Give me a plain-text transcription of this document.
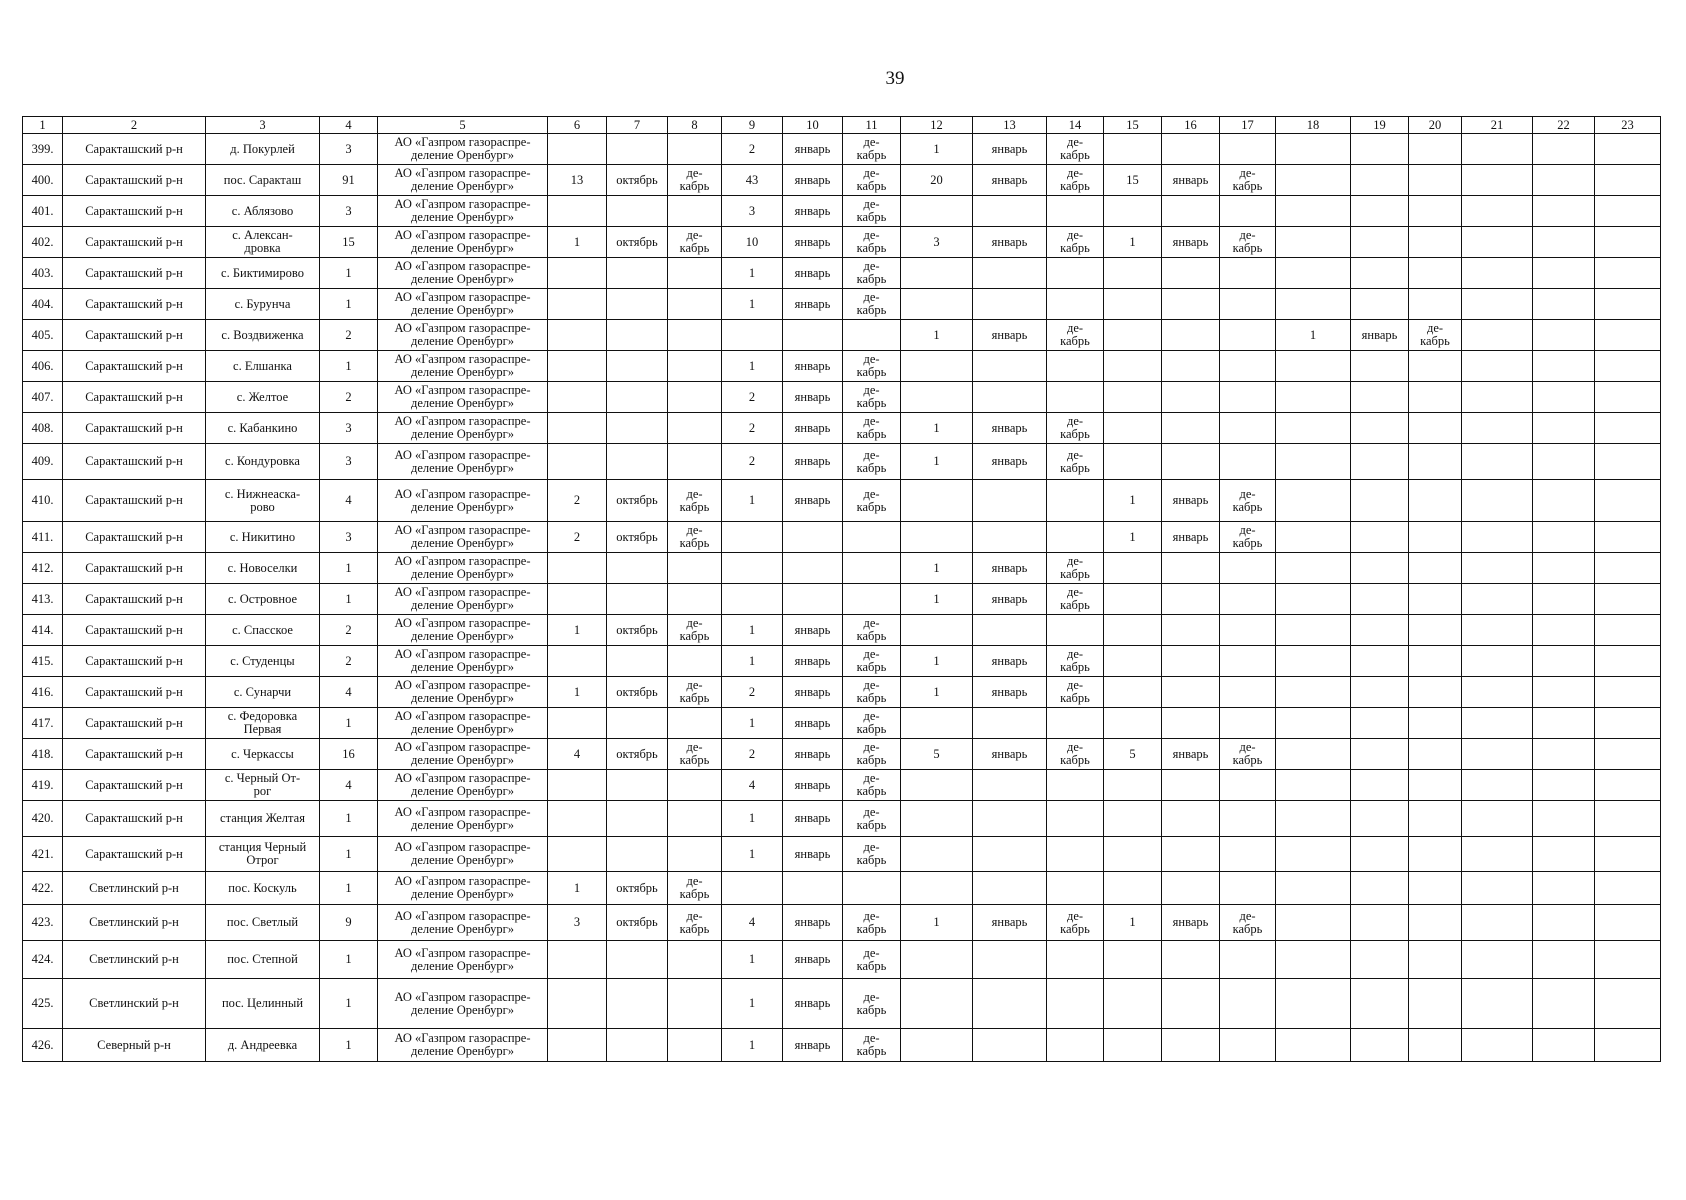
39
1	2	3	4	5	6	7	8	9	10	11	12	13	14	15	16	17	18	19	20	21	22	23
399.	Саракташский р-н	д. Покурлей	3	АО «Газпром газораспре-
деление Оренбург»				2	январь	де-
кабрь	1	январь	де-
кабрь									

400.	Саракташский р-н	пос. Саракташ	91	АО «Газпром газораспре-
деление Оренбург»	13	октябрь	де-
кабрь	43	январь	де-
кабрь	20	январь	де-
кабрь	15	январь	де-
кабрь						

401.	Саракташский р-н	с. Аблязово	3	АО «Газпром газораспре-
деление Оренбург»				3	январь	де-
кабрь												

402.	Саракташский р-н	с. Алексан-
дровка	15	АО «Газпром газораспре-
деление Оренбург»	1	октябрь	де-
кабрь	10	январь	де-
кабрь	3	январь	де-
кабрь	1	январь	де-
кабрь						

403.	Саракташский р-н	с. Биктимирово	1	АО «Газпром газораспре-
деление Оренбург»				1	январь	де-
кабрь												

404.	Саракташский р-н	с. Бурунча	1	АО «Газпром газораспре-
деление Оренбург»				1	январь	де-
кабрь												

405.	Саракташский р-н	с. Воздвиженка	2	АО «Газпром газораспре-
деление Оренбург»							1	январь	де-
кабрь				1	январь	де-
кабрь			

406.	Саракташский р-н	с. Елшанка	1	АО «Газпром газораспре-
деление Оренбург»				1	январь	де-
кабрь												

407.	Саракташский р-н	с. Желтое	2	АО «Газпром газораспре-
деление Оренбург»				2	январь	де-
кабрь												

408.	Саракташский р-н	с. Кабанкино	3	АО «Газпром газораспре-
деление Оренбург»				2	январь	де-
кабрь	1	январь	де-
кабрь									

409.	Саракташский р-н	с. Кондуровка	3	АО «Газпром газораспре-
деление Оренбург»				2	январь	де-
кабрь	1	январь	де-
кабрь									

410.	Саракташский р-н	с. Нижнеаска-
рово	4	АО «Газпром газораспре-
деление Оренбург»	2	октябрь	де-
кабрь	1	январь	де-
кабрь				1	январь	де-
кабрь						

411.	Саракташский р-н	с. Никитино	3	АО «Газпром газораспре-
деление Оренбург»	2	октябрь	де-
кабрь							1	январь	де-
кабрь						

412.	Саракташский р-н	с. Новоселки	1	АО «Газпром газораспре-
деление Оренбург»							1	январь	де-
кабрь									

413.	Саракташский р-н	с. Островное	1	АО «Газпром газораспре-
деление Оренбург»							1	январь	де-
кабрь									

414.	Саракташский р-н	с. Спасское	2	АО «Газпром газораспре-
деление Оренбург»	1	октябрь	де-
кабрь	1	январь	де-
кабрь												

415.	Саракташский р-н	с. Студенцы	2	АО «Газпром газораспре-
деление Оренбург»				1	январь	де-
кабрь	1	январь	де-
кабрь									

416.	Саракташский р-н	с. Сунарчи	4	АО «Газпром газораспре-
деление Оренбург»	1	октябрь	де-
кабрь	2	январь	де-
кабрь	1	январь	де-
кабрь									

417.	Саракташский р-н	с. Федоровка
Первая	1	АО «Газпром газораспре-
деление Оренбург»				1	январь	де-
кабрь												

418.	Саракташский р-н	с. Черкассы	16	АО «Газпром газораспре-
деление Оренбург»	4	октябрь	де-
кабрь	2	январь	де-
кабрь	5	январь	де-
кабрь	5	январь	де-
кабрь						

419.	Саракташский р-н	с. Черный От-
рог	4	АО «Газпром газораспре-
деление Оренбург»				4	январь	де-
кабрь												

420.	Саракташский р-н	станция Желтая	1	АО «Газпром газораспре-
деление Оренбург»				1	январь	де-
кабрь												

421.	Саракташский р-н	станция Черный
Отрог	1	АО «Газпром газораспре-
деление Оренбург»				1	январь	де-
кабрь												

422.	Светлинский р-н	пос. Коскуль	1	АО «Газпром газораспре-
деление Оренбург»	1	октябрь	де-
кабрь															

423.	Светлинский р-н	пос. Светлый	9	АО «Газпром газораспре-
деление Оренбург»	3	октябрь	де-
кабрь	4	январь	де-
кабрь	1	январь	де-
кабрь	1	январь	де-
кабрь						

424.	Светлинский р-н	пос. Степной	1	АО «Газпром газораспре-
деление Оренбург»				1	январь	де-
кабрь												

425.	Светлинский р-н	пос. Целинный	1	АО «Газпром газораспре-
деление Оренбург»				1	январь	де-
кабрь												

426.	Северный р-н	д. Андреевка	1	АО «Газпром газораспре-
деление Оренбург»				1	январь	де-
кабрь												
